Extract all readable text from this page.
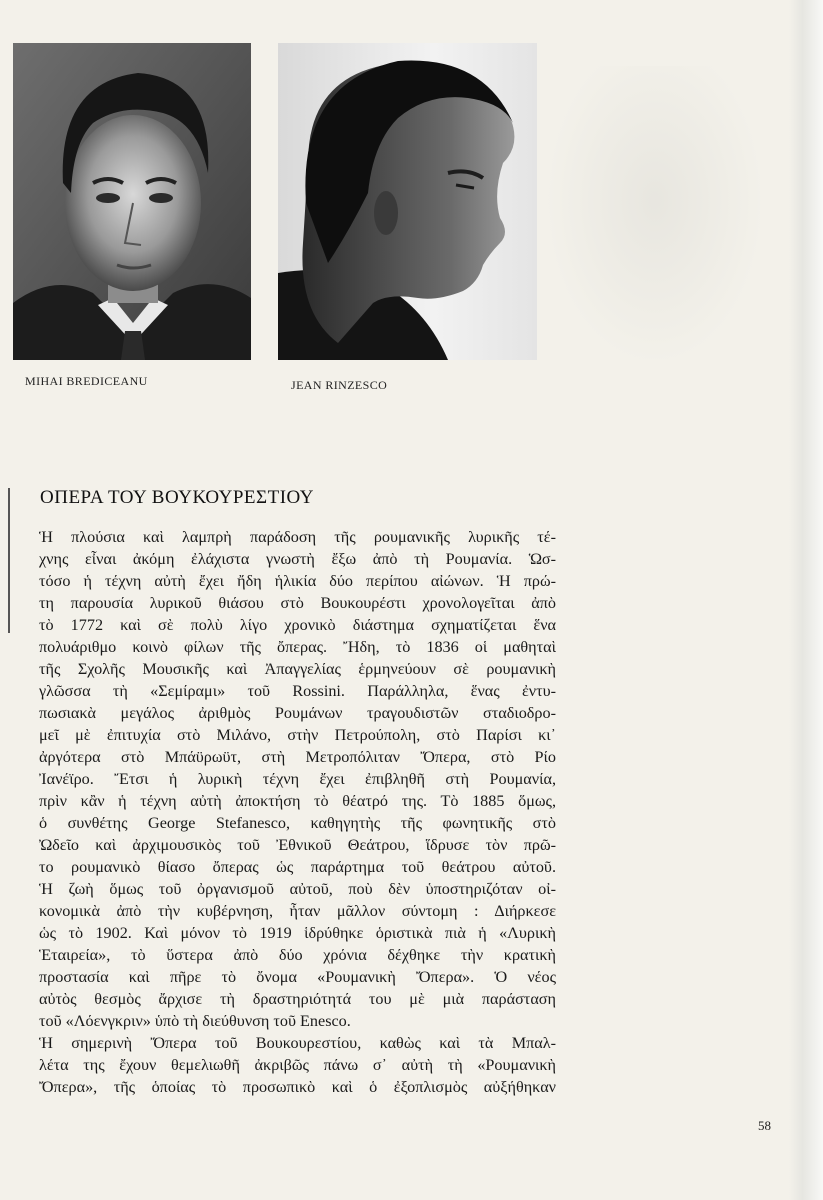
MIHAI BREDICEANU	JEAN RINZESCO
ΟΠΕΡΑ ΤΟΥ ΒΟΥΚΟΥΡΕΣΤΙΟΥ
Ἡ πλούσια καὶ λαμπρὴ παράδοση τῆς ρουμανικῆς λυρικῆς τέ-
χνης εἶναι ἀκόμη ἐλάχιστα γνωστὴ ἔξω ἀπὸ τὴ Ρουμανία. Ὡσ-
τόσο ἡ τέχνη αὐτὴ ἔχει ἤδη ἡλικία δύο περίπου αἰώνων. Ἡ πρώ-
τη παρουσία λυρικοῦ θιάσου στὸ Βουκουρέστι χρονολογεῖται ἀπὸ
τὸ 1772 καὶ σὲ πολὺ λίγο χρονικὸ διάστημα σχηματίζεται ἕνα
πολυάριθμο κοινὸ φίλων τῆς ὄπερας. Ἤδη, τὸ 1836 οἱ μαθηταὶ
τῆς Σχολῆς Μουσικῆς καὶ Ἀπαγγελίας ἑρμηνεύουν σὲ ρουμανικὴ
γλῶσσα τὴ «Σεμίραμι» τοῦ Rossini. Παράλληλα, ἕνας ἐντυ-
πωσιακὰ μεγάλος ἀριθμὸς Ρουμάνων τραγουδιστῶν σταδιοδρο-
μεῖ μὲ ἐπιτυχία στὸ Μιλάνο, στὴν Πετρούπολη, στὸ Παρίσι κι᾿
ἀργότερα στὸ Μπάϋρωϋτ, στὴ Μετροπόλιταν Ὄπερα, στὸ Ρίο
Ἰανέϊρο. Ἔτσι ἡ λυρικὴ τέχνη ἔχει ἐπιβληθῆ στὴ Ρουμανία,
πρὶν κἂν ἡ τέχνη αὐτὴ ἀποκτήση τὸ θέατρό της. Τὸ 1885 ὅμως,
ὁ συνθέτης George Stefanesco, καθηγητὴς τῆς φωνητικῆς στὸ
Ὠδεῖο καὶ ἀρχιμουσικὸς τοῦ Ἐθνικοῦ Θεάτρου, ἵδρυσε τὸν πρῶ-
το ρουμανικὸ θίασο ὄπερας ὡς παράρτημα τοῦ θεάτρου αὐτοῦ.
Ἡ ζωὴ ὅμως τοῦ ὀργανισμοῦ αὐτοῦ, ποὺ δὲν ὑποστηριζόταν οἰ-
κονομικὰ ἀπὸ τὴν κυβέρνηση, ἦταν μᾶλλον σύντομη : Διήρκεσε
ὡς τὸ 1902. Καὶ μόνον τὸ 1919 ἱδρύθηκε ὁριστικὰ πιὰ ἡ «Λυρικὴ
Ἑταιρεία», τὸ ὕστερα ἀπὸ δύο χρόνια δέχθηκε τὴν κρατικὴ
προστασία καὶ πῆρε τὸ ὄνομα «Ρουμανικὴ Ὄπερα». Ὁ νέος
αὐτὸς θεσμὸς ἄρχισε τὴ δραστηριότητά του μὲ μιὰ παράσταση
τοῦ «Λόενγκριν» ὑπὸ τὴ διεύθυνση τοῦ Enesco.
Ἡ σημερινὴ Ὄπερα τοῦ Βουκουρεστίου, καθὼς καὶ τὰ Μπαλ-
λέτα της ἔχουν θεμελιωθῆ ἀκριβῶς πάνω σ᾿ αὐτὴ τὴ «Ρουμανικὴ
Ὄπερα», τῆς ὁποίας τὸ προσωπικὸ καὶ ὁ ἐξοπλισμὸς αὐξήθηκαν
58
